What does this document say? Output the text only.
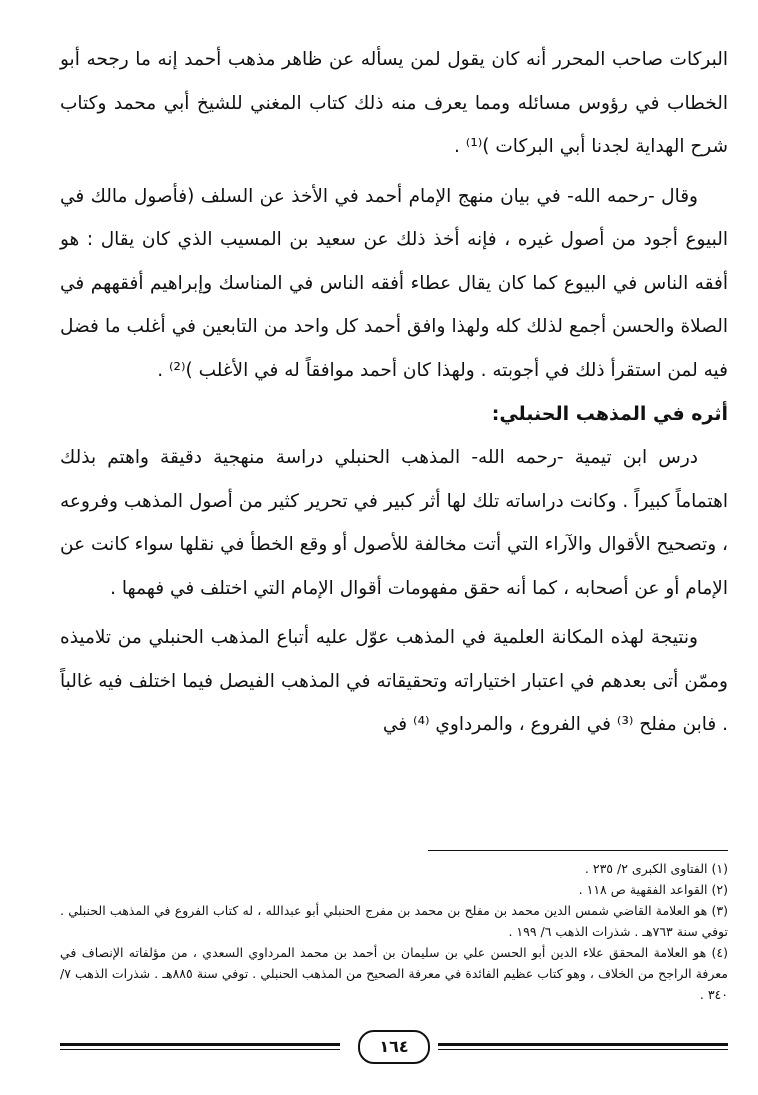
البركات صاحب المحرر أنه كان يقول لمن يسأله عن ظاهر مذهب أحمد إنه ما رجحه أبو الخطاب في رؤوس مسائله ومما يعرف منه ذلك كتاب المغني للشيخ أبي محمد وكتاب شرح الهداية لجدنا أبي البركات )⁽¹⁾ .

وقال -رحمه الله- في بيان منهج الإمام أحمد في الأخذ عن السلف (فأصول مالك في البيوع أجود من أصول غيره ، فإنه أخذ ذلك عن سعيد بن المسيب الذي كان يقال : هو أفقه الناس في البيوع كما كان يقال عطاء أفقه الناس في المناسك وإبراهيم أفقههم في الصلاة والحسن أجمع لذلك كله ولهذا وافق أحمد كل واحد من التابعين في أغلب ما فضل فيه لمن استقرأ ذلك في أجوبته . ولهذا كان أحمد موافقاً له في الأغلب )⁽²⁾ .

أثره في المذهب الحنبلي:

درس ابن تيمية -رحمه الله- المذهب الحنبلي دراسة منهجية دقيقة واهتم بذلك اهتماماً كبيراً . وكانت دراساته تلك لها أثر كبير في تحرير كثير من أصول المذهب وفروعه ، وتصحيح الأقوال والآراء التي أتت مخالفة للأصول أو وقع الخطأ في نقلها سواء كانت عن الإمام أو عن أصحابه ، كما أنه حقق مفهومات أقوال الإمام التي اختلف في فهمها .

ونتيجة لهذه المكانة العلمية في المذهب عوّل عليه أتباع المذهب الحنبلي من تلاميذه وممّن أتى بعدهم في اعتبار اختياراته وتحقيقاته في المذهب الفيصل فيما اختلف فيه غالباً . فابن مفلح ⁽³⁾ في الفروع ، والمرداوي ⁽⁴⁾ في

(١) الفتاوى الكبرى ٢/ ٢٣٥ .
(٢) القواعد الفقهية ص ١١٨ .
(٣) هو العلامة القاضي شمس الدين محمد بن مفلح بن محمد بن مفرج الحنبلي أبو عبدالله ، له كتاب الفروع في المذهب الحنبلي . توفي سنة ٧٦٣هـ . شذرات الذهب ٦/ ١٩٩ .
(٤) هو العلامة المحقق علاء الدين أبو الحسن علي بن سليمان بن أحمد بن محمد المرداوي السعدي ، من مؤلفاته الإنصاف في معرفة الراجح من الخلاف ، وهو كتاب عظيم الفائدة في معرفة الصحيح من المذهب الحنبلي . توفي سنة ٨٨٥هـ . شذرات الذهب ٧/ ٣٤٠ .
١٦٤
